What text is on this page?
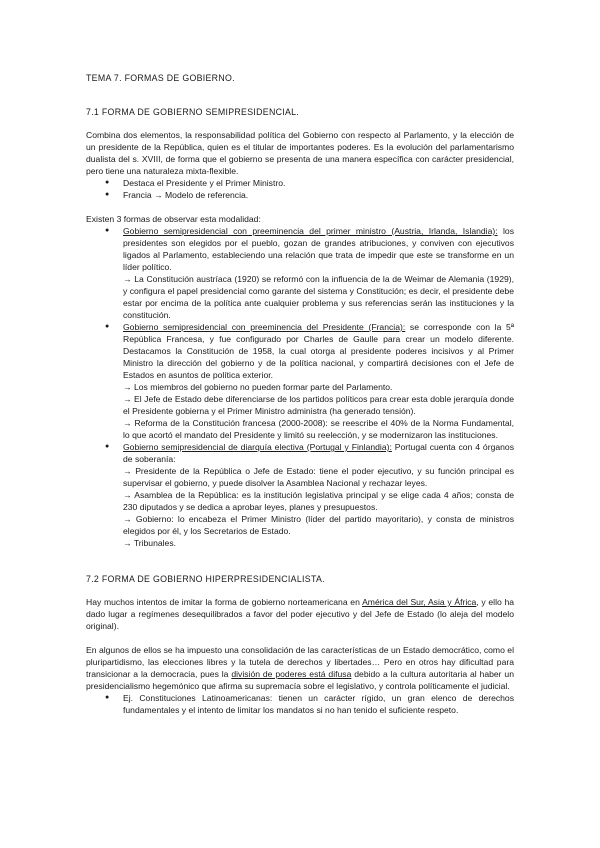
TEMA 7. FORMAS DE GOBIERNO.
7.1 FORMA DE GOBIERNO SEMIPRESIDENCIAL.

Combina dos elementos, la responsabilidad política del Gobierno con respecto al Parlamento, y la elección de un presidente de la República, quien es el titular de importantes poderes. Es la evolución del parlamentarismo dualista del s. XVIII, de forma que el gobierno se presenta de una manera específica con carácter presidencial, pero tiene una naturaleza mixta-flexible.

● Destaca el Presidente y el Primer Ministro.
● Francia → Modelo de referencia.

Existen 3 formas de observar esta modalidad:

● Gobierno semipresidencial con preeminencia del primer ministro (Austria, Irlanda, Islandia): los presidentes son elegidos por el pueblo, gozan de grandes atribuciones, y conviven con ejecutivos ligados al Parlamento, estableciendo una relación que trata de impedir que este se transforme en un líder político.

→ La Constitución austríaca (1920) se reformó con la influencia de la de Weimar de Alemania (1929), y configura el papel presidencial como garante del sistema y Constitución; es decir, el presidente debe estar por encima de la política ante cualquier problema y sus referencias serán las instituciones y la constitución.

● Gobierno semipresidencial con preeminencia del Presidente (Francia): se corresponde con la 5ª República Francesa, y fue configurado por Charles de Gaulle para crear un modelo diferente. Destacamos la Constitución de 1958, la cual otorga al presidente poderes incisivos y al Primer Ministro la dirección del gobierno y de la política nacional, y compartirá decisiones con el Jefe de Estados en asuntos de política exterior.

→ Los miembros del gobierno no pueden formar parte del Parlamento.

→ El Jefe de Estado debe diferenciarse de los partidos políticos para crear esta doble jerarquía donde el Presidente gobierna y el Primer Ministro administra (ha generado tensión).

→ Reforma de la Constitución francesa (2000-2008): se reescribe el 40% de la Norma Fundamental, lo que acortó el mandato del Presidente y limitó su reelección, y se modernizaron las instituciones.

● Gobierno semipresidencial de diarquía electiva (Portugal y Finlandia): Portugal cuenta con 4 órganos de soberanía:

→ Presidente de la República o Jefe de Estado: tiene el poder ejecutivo, y su función principal es supervisar el gobierno, y puede disolver la Asamblea Nacional y rechazar leyes.

→ Asamblea de la República: es la institución legislativa principal y se elige cada 4 años; consta de 230 diputados y se dedica a aprobar leyes, planes y presupuestos.

→ Gobierno: lo encabeza el Primer Ministro (líder del partido mayoritario), y consta de ministros elegidos por él, y los Secretarios de Estado.

→ Tribunales.

7.2 FORMA DE GOBIERNO HIPERPRESIDENCIALISTA.

Hay muchos intentos de imitar la forma de gobierno norteamericana en América del Sur, Asia y África, y ello ha dado lugar a regímenes desequilibrados a favor del poder ejecutivo y del Jefe de Estado (lo aleja del modelo original).

En algunos de ellos se ha impuesto una consolidación de las características de un Estado democrático, como el pluripartidismo, las elecciones libres y la tutela de derechos y libertades… Pero en otros hay dificultad para transicionar a la democracia, pues la división de poderes está difusa debido a la cultura autoritaria al haber un presidencialismo hegemónico que afirma su supremacía sobre el legislativo, y controla políticamente el judicial.

● Ej. Constituciones Latinoamericanas: tienen un carácter rígido, un gran elenco de derechos fundamentales y el intento de limitar los mandatos si no han tenido el suficiente respeto.
